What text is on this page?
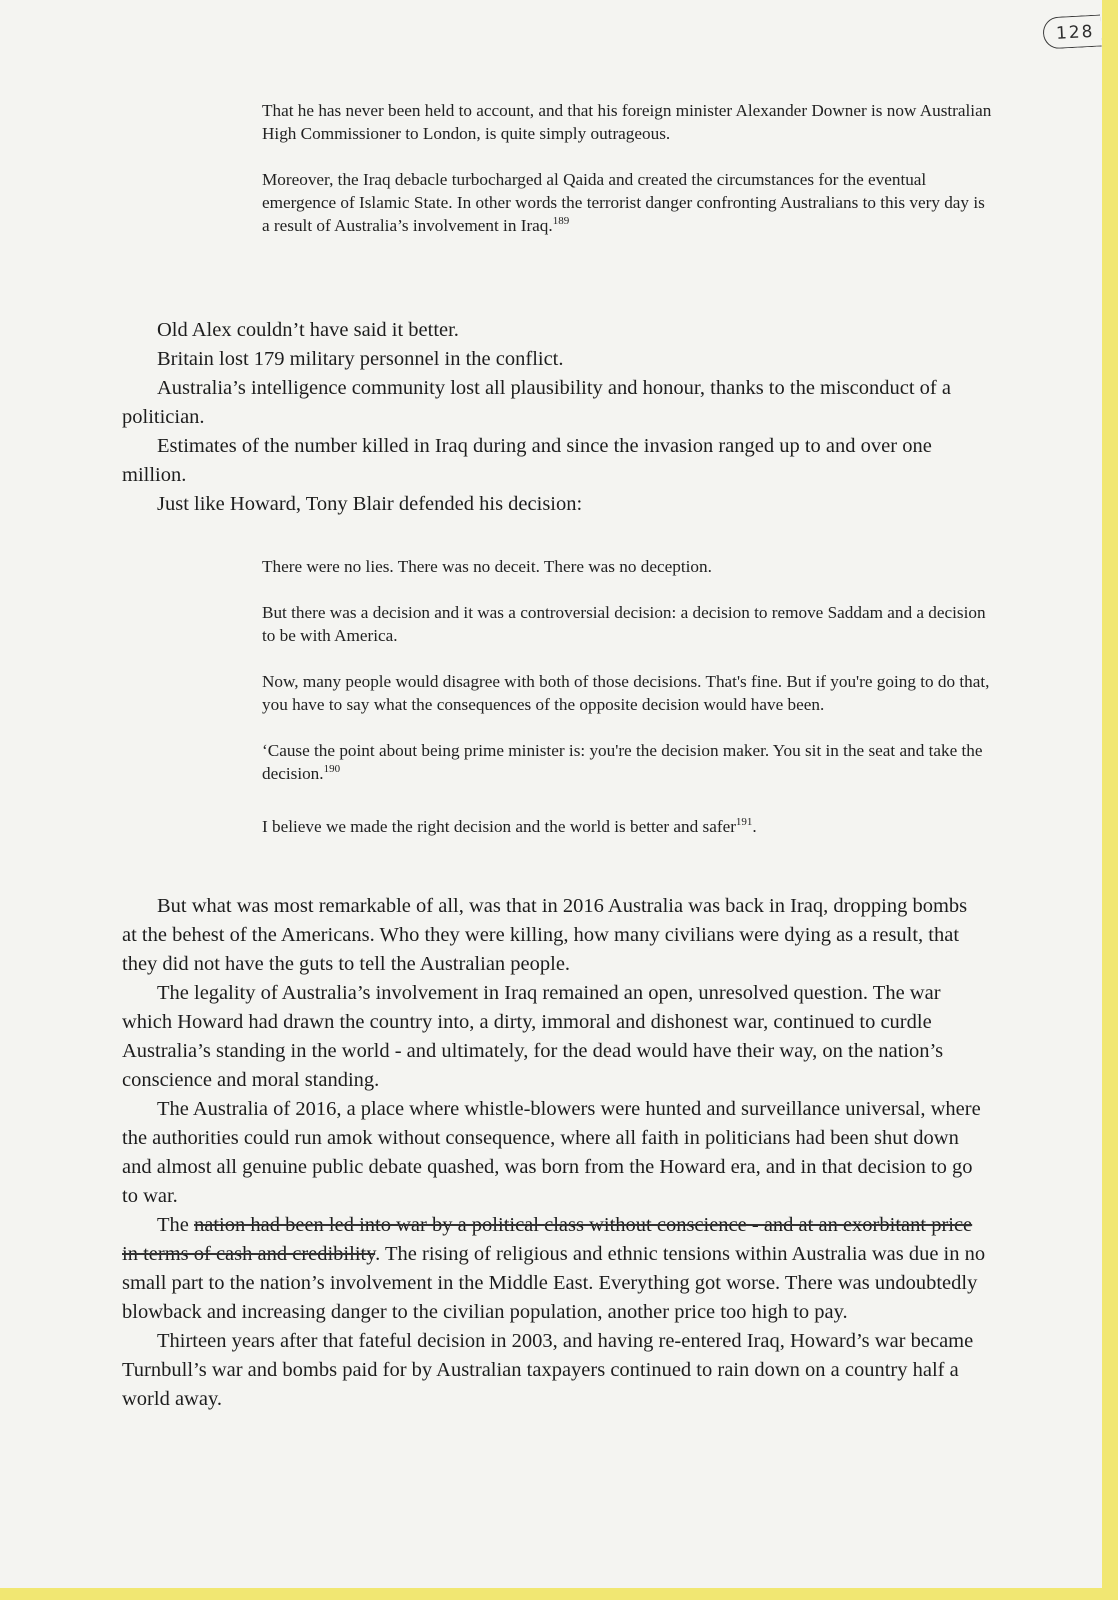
128

That he has never been held to account, and that his foreign minister Alexander Downer is now Australian High Commissioner to London, is quite simply outrageous.

Moreover, the Iraq debacle turbocharged al Qaida and created the circumstances for the eventual emergence of Islamic State. In other words the terrorist danger confronting Australians to this very day is a result of Australia’s involvement in Iraq.$^{189}$

Old Alex couldn’t have said it better.

Britain lost 179 military personnel in the conflict.

Australia’s intelligence community lost all plausibility and honour, thanks to the misconduct of a politician.

Estimates of the number killed in Iraq during and since the invasion ranged up to and over one million.

Just like Howard, Tony Blair defended his decision:

There were no lies. There was no deceit. There was no deception.

But there was a decision and it was a controversial decision: a decision to remove Saddam and a decision to be with America.

Now, many people would disagree with both of those decisions. That's fine. But if you're going to do that, you have to say what the consequences of the opposite decision would have been.

‘Cause the point about being prime minister is: you're the decision maker. You sit in the seat and take the decision.$^{190}$

I believe we made the right decision and the world is better and safer$^{191}$.

But what was most remarkable of all, was that in 2016 Australia was back in Iraq, dropping bombs at the behest of the Americans. Who they were killing, how many civilians were dying as a result, that they did not have the guts to tell the Australian people.

The legality of Australia’s involvement in Iraq remained an open, unresolved question. The war which Howard had drawn the country into, a dirty, immoral and dishonest war, continued to curdle Australia’s standing in the world - and ultimately, for the dead would have their way, on the nation’s conscience and moral standing.

The Australia of 2016, a place where whistle-blowers were hunted and surveillance universal, where the authorities could run amok without consequence, where all faith in politicians had been shut down and almost all genuine public debate quashed, was born from the Howard era, and in that decision to go to war.

The nation had been led into war by a political class without conscience - and at an exorbitant price in terms of cash and credibility. The rising of religious and ethnic tensions within Australia was due in no small part to the nation’s involvement in the Middle East. Everything got worse. There was undoubtedly blowback and increasing danger to the civilian population, another price too high to pay.

Thirteen years after that fateful decision in 2003, and having re-entered Iraq, Howard’s war became Turnbull’s war and bombs paid for by Australian taxpayers continued to rain down on a country half a world away.
